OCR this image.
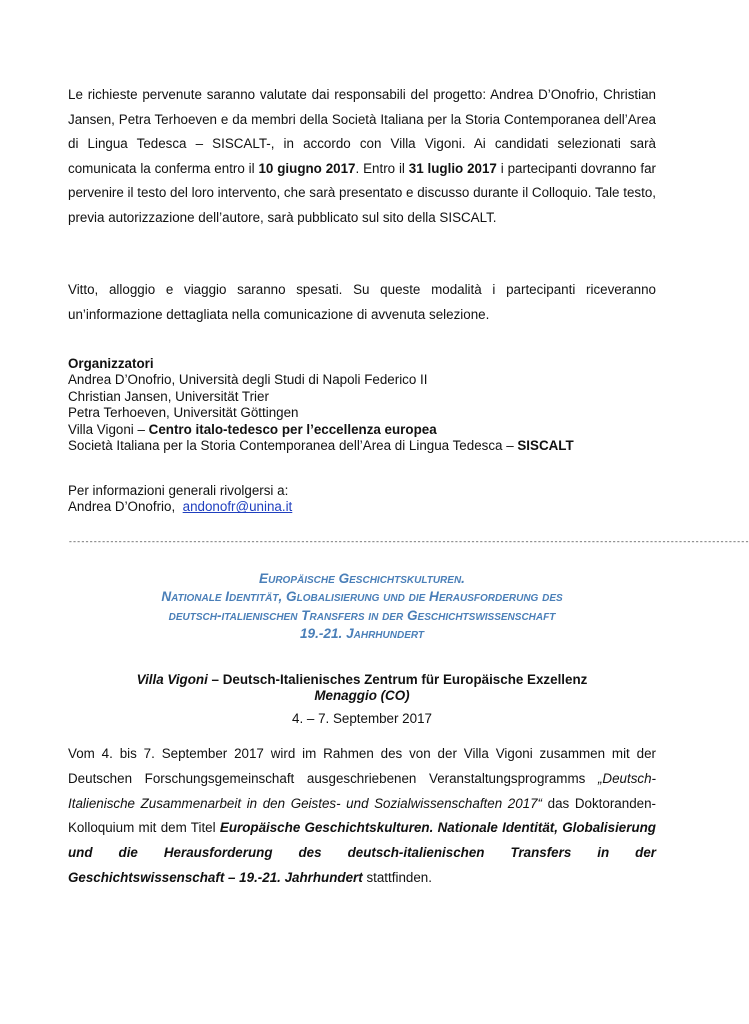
Le richieste pervenute saranno valutate dai responsabili del progetto: Andrea D’Onofrio, Christian Jansen, Petra Terhoeven e da membri della Società Italiana per la Storia Contemporanea dell’Area di Lingua Tedesca – SISCALT-, in accordo con Villa Vigoni. Ai candidati selezionati sarà comunicata la conferma entro il 10 giugno 2017. Entro il 31 luglio 2017 i partecipanti dovranno far pervenire il testo del loro intervento, che sarà presentato e discusso durante il Colloquio. Tale testo, previa autorizzazione dell’autore, sarà pubblicato sul sito della SISCALT.

Vitto, alloggio e viaggio saranno spesati. Su queste modalità i partecipanti riceveranno un’informazione dettagliata nella comunicazione di avvenuta selezione.

Organizzatori
Andrea D’Onofrio, Università degli Studi di Napoli Federico II
Christian Jansen, Universität Trier
Petra Terhoeven, Universität Göttingen
Villa Vigoni – Centro italo-tedesco per l’eccellenza europea
Società Italiana per la Storia Contemporanea dell’Area di Lingua Tedesca – SISCALT
Per informazioni generali rivolgersi a:
Andrea D’Onofrio, andonofr@unina.it
--------------------------------------------------------------------------------------------------------------------------------------------------------------------
Europäische Geschichtskulturen.
Nationale Identität, Globalisierung und die Herausforderung des
deutsch-italienischen Transfers in der Geschichtswissenschaft
19.-21. Jahrhundert
Villa Vigoni – Deutsch-Italienisches Zentrum für Europäische Exzellenz
Menaggio (CO)
4. – 7. September 2017

Vom 4. bis 7. September 2017 wird im Rahmen des von der Villa Vigoni zusammen mit der Deutschen Forschungsgemeinschaft ausgeschriebenen Veranstaltungsprogramms „Deutsch-Italienische Zusammenarbeit in den Geistes- und Sozialwissenschaften 2017“ das Doktoranden-Kolloquium mit dem Titel Europäische Geschichtskulturen. Nationale Identität, Globalisierung und die Herausforderung des deutsch-italienischen Transfers in der Geschichtswissenschaft – 19.-21. Jahrhundert stattfinden.
